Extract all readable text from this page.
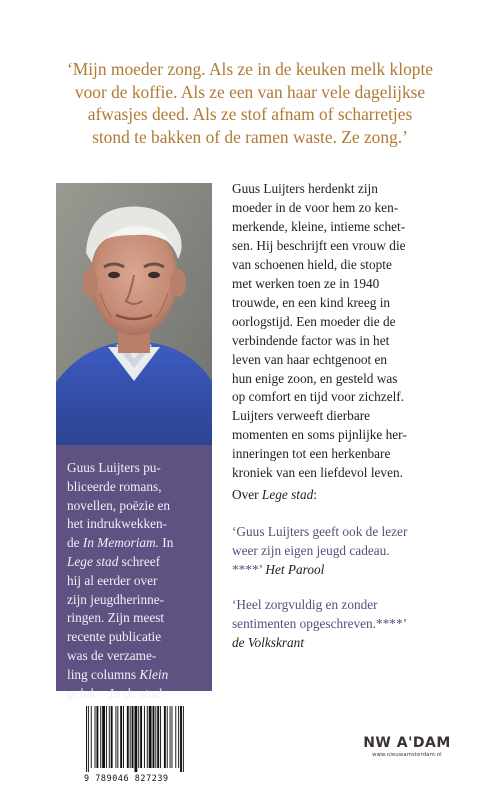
‘Mijn moeder zong. Als ze in de keuken melk klopte
voor de koffie. Als ze een van haar vele dagelijkse
afwasjes deed. Als ze stof afnam of scharretjes
stond te bakken of de ramen waste. Ze zong.’
Guus Luijters pu-
bliceerde romans,
novellen, poëzie en
het indrukwekken-
de In Memoriam. In
Lege stad schreef
hij al eerder over
zijn jeugdherinne-
ringen. Zijn meest
recente publicatie
was de verzame-
ling columns Klein
geluk – In de stad.

Guus Luijters herdenkt zijn

moeder in de voor hem zo ken-

merkende, kleine, intieme schet-

sen. Hij beschrijft een vrouw die

van schoenen hield, die stopte

met werken toen ze in 1940

trouwde, en een kind kreeg in

oorlogstijd. Een moeder die de

verbindende factor was in het

leven van haar echtgenoot en

hun enige zoon, en gesteld was

op comfort en tijd voor zichzelf.

Luijters verweeft dierbare

momenten en soms pijnlijke her-

inneringen tot een herkenbare

kroniek van een liefdevol leven.

Over Lege stad:
‘Guus Luijters geeft ook de lezer
weer zijn eigen jeugd cadeau.
****’ Het Parool
‘Heel zorgvuldig en zonder
sentimenten opgeschreven.****’
de Volkskrant
9 789046 827239
NW A'DAM
www.nieuwamsterdam.nl
